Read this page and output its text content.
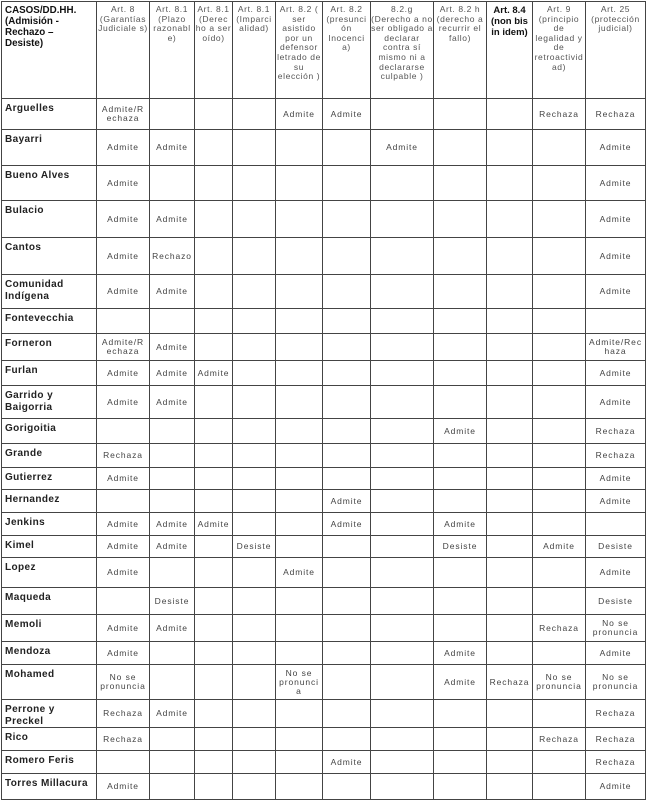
CASOS/DD.HH. (Admisión - Rechazo – Desiste)	Art. 8 (Garantías Judiciale s)	Art. 8.1 (Plazo razonabl e)	Art. 8.1 (Derec ho a ser oído)	Art. 8.1 (Imparci alidad)	Art. 8.2 ( ser asistido por un defensor letrado de su elección )	Art. 8.2 (presunci ón Inocenci a)	8.2.g (Derecho a no ser obligado a declarar contra sí mismo ni a declararse culpable )	Art. 8.2 h (derecho a recurrir el fallo)	Art. 8.4 (non bis in idem)	Art. 9 (principio de legalidad y de retroactivid ad)	Art. 25 (protección judicial)
Arguelles	Admite/R echaza				Admite	Admite				Rechaza	Rechaza
Bayarri	Admite	Admite					Admite				Admite
Bueno Alves	Admite										Admite
Bulacio	Admite	Admite									Admite
Cantos	Admite	Rechazo									Admite
Comunidad Indígena	Admite	Admite									Admite
Fontevecchia											
Forneron	Admite/R echaza	Admite									Admite/Rec haza
Furlan	Admite	Admite	Admite								Admite
Garrido y Baigorria	Admite	Admite									Admite
Gorigoitia								Admite			Rechaza
Grande	Rechaza										Rechaza
Gutierrez	Admite										Admite
Hernandez						Admite					Admite
Jenkins	Admite	Admite	Admite			Admite		Admite			
Kimel	Admite	Admite		Desiste				Desiste		Admite	Desiste
Lopez	Admite				Admite						Admite
Maqueda		Desiste									Desiste
Memoli	Admite	Admite								Rechaza	No se pronuncia
Mendoza	Admite							Admite			Admite
Mohamed	No se pronuncia				No se pronunci a			Admite	Rechaza	No se pronuncia	No se pronuncia
Perrone y Preckel	Rechaza	Admite									Rechaza
Rico	Rechaza									Rechaza	Rechaza
Romero Feris						Admite					Rechaza
Torres Millacura	Admite										Admite
